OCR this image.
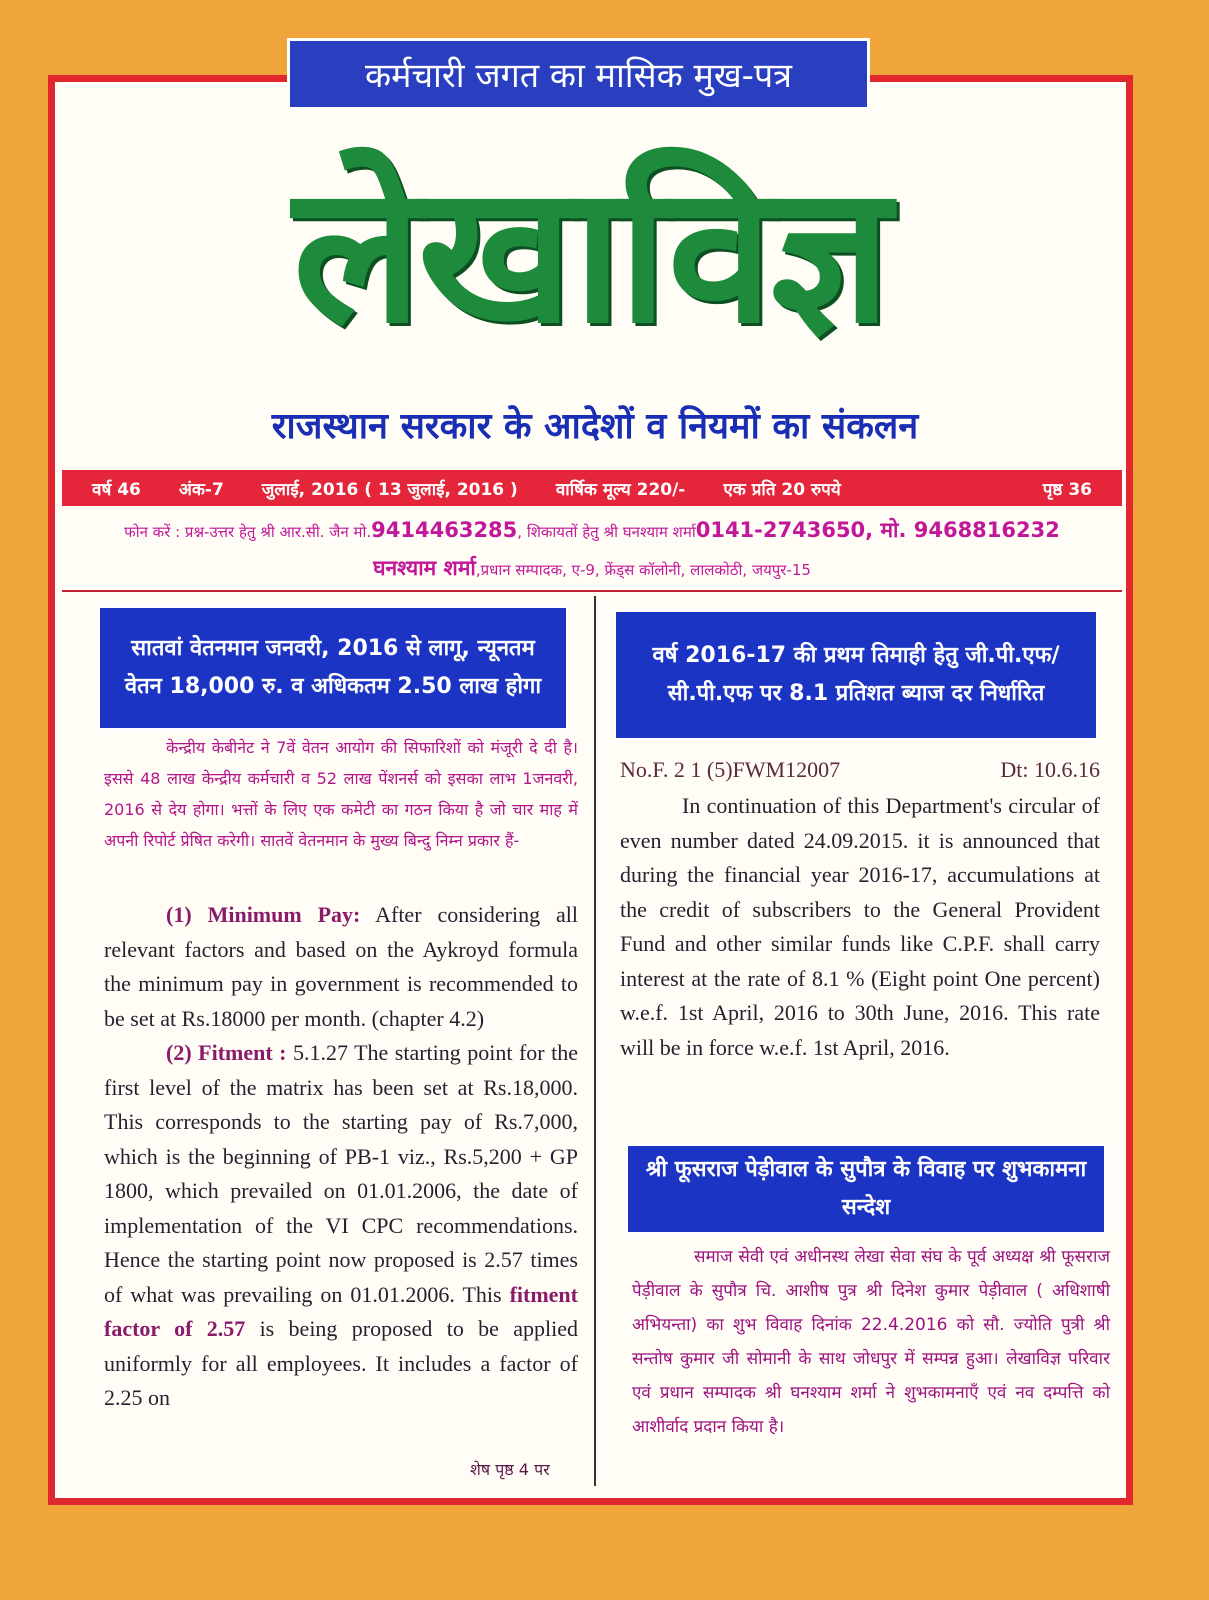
कर्मचारी जगत का मासिक मुख-पत्र
लेखाविज्ञ
राजस्थान सरकार के आदेशों व नियमों का संकलन
वर्ष 46 अंक-7 जुलाई, 2016 ( 13 जुलाई, 2016 ) वार्षिक मूल्य 220/- एक प्रति 20 रुपये	पृष्ठ 36
फोन करें : प्रश्न-उत्तर हेतु श्री आर.सी. जैन मो.9414463285, शिकायतों हेतु श्री घनश्याम शर्मा0141-2743650, मो. 9468816232
घनश्याम शर्मा,प्रधान सम्पादक, ए-9, फ्रेंड्स कॉलोनी, लालकोठी, जयपुर-15
सातवां वेतनमान जनवरी, 2016 से लागू, न्यूनतम वेतन 18,000 रु. व अधिकतम 2.50 लाख होगा
केन्द्रीय केबीनेट ने 7वें वेतन आयोग की सिफारिशों को मंजूरी दे दी है। इससे 48 लाख केन्द्रीय कर्मचारी व 52 लाख पेंशनर्स को इसका लाभ 1जनवरी, 2016 से देय होगा। भत्तों के लिए एक कमेटी का गठन किया है जो चार माह में अपनी रिपोर्ट प्रेषित करेगी। सातवें वेतनमान के मुख्य बिन्दु निम्न प्रकार हैं-

(1) Minimum Pay: After considering all relevant factors and based on the Aykroyd formula the minimum pay in government is recommended to be set at Rs.18000 per month. (chapter 4.2)

(2) Fitment : 5.1.27 The starting point for the first level of the matrix has been set at Rs.18,000. This corresponds to the starting pay of Rs.7,000, which is the beginning of PB-1 viz., Rs.5,200 + GP 1800, which prevailed on 01.01.2006, the date of implementation of the VI CPC recommendations. Hence the starting point now proposed is 2.57 times of what was prevailing on 01.01.2006. This fitment factor of 2.57 is being proposed to be applied uniformly for all employees. It includes a factor of 2.25 on

शेष पृष्ठ 4 पर
वर्ष 2016-17 की प्रथम तिमाही हेतु जी.पी.एफ/सी.पी.एफ पर 8.1 प्रतिशत ब्याज दर निर्धारित
No.F. 2 1 (5)FWM12007	Dt: 10.6.16
In continuation of this Department's circular of even number dated 24.09.2015. it is announced that during the financial year 2016-17, accumulations at the credit of subscribers to the General Provident Fund and other similar funds like C.P.F. shall carry interest at the rate of 8.1 % (Eight point One percent) w.e.f. 1st April, 2016 to 30th June, 2016. This rate will be in force w.e.f. 1st April, 2016.
श्री फूसराज पेड़ीवाल के सुपौत्र के विवाह पर शुभकामना सन्देश
समाज सेवी एवं अधीनस्थ लेखा सेवा संघ के पूर्व अध्यक्ष श्री फूसराज पेड़ीवाल के सुपौत्र चि. आशीष पुत्र श्री दिनेश कुमार पेड़ीवाल ( अधिशाषी अभियन्ता) का शुभ विवाह दिनांक 22.4.2016 को सौ. ज्योति पुत्री श्री सन्तोष कुमार जी सोमानी के साथ जोधपुर में सम्पन्न हुआ। लेखाविज्ञ परिवार एवं प्रधान सम्पादक श्री घनश्याम शर्मा ने शुभकामनाएँ एवं नव दम्पत्ति को आशीर्वाद प्रदान किया है।
